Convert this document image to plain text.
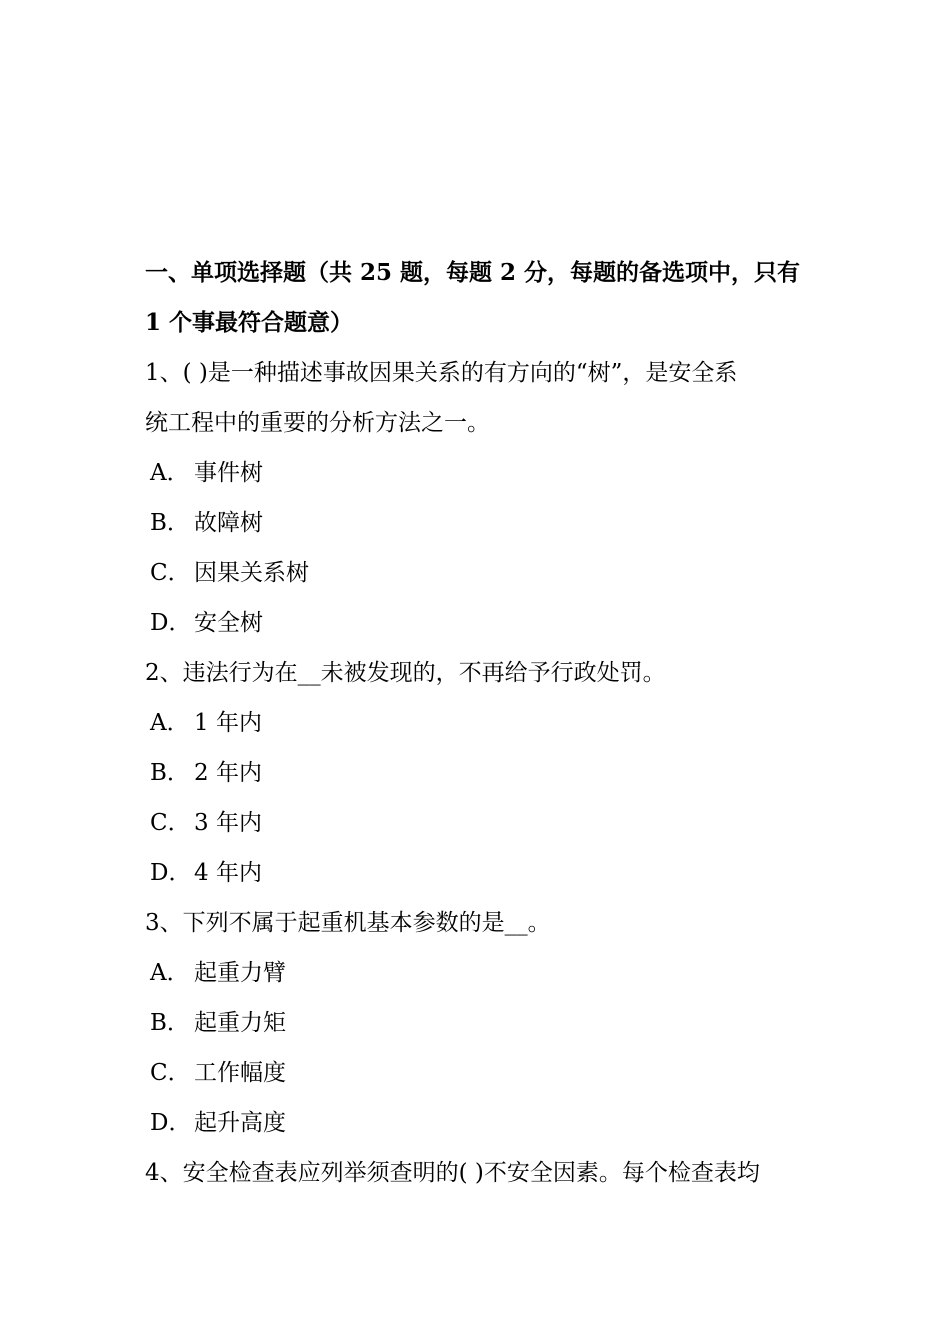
一、单项选择题（共 25 题，每题 2 分，每题的备选项中，只有
1 个事最符合题意）
1、( )是一种描述事故因果关系的有方向的“树”，是安全系
统工程中的重要的分析方法之一。
A． 事件树
B． 故障树
C． 因果关系树
D． 安全树
2、违法行为在__未被发现的，不再给予行政处罚。
A． 1 年内
B． 2 年内
C． 3 年内
D． 4 年内
3、下列不属于起重机基本参数的是__。
A． 起重力臂
B． 起重力矩
C． 工作幅度
D． 起升高度
4、安全检查表应列举须查明的( )不安全因素。每个检查表均
